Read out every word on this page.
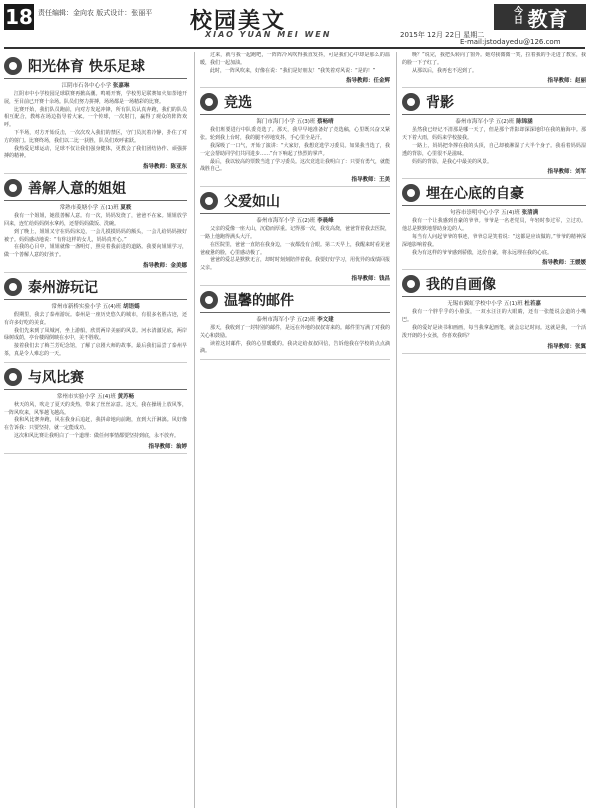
18 责任编辑：金向农 版式设计：张丽平 校园美文
XIAO YUAN MEI WEN	2015年 12月 22日 星期二
今日 教育
E-mail:jstodayedu@126.com
阳光体育 快乐足球
江阴市石各中心小学 张嘉琳

江阴市中小学校园足球联赛再掀高潮。鸣哨开赛，学校男足联赛如火如荼地开展，至目前已开赛十余场。队员们努力拼搏，场场都是一场精彩的比赛。

比赛开始，我们队员跑前，向对方发起冲锋，所有队员认真奔跑，我们的队员相互配合，教练在场边指导着大家。一个传球，一次射门，赢得了观众的阵阵欢呼。

下半场，对方开始反击，一次次攻入我们的禁区，守门员沉着冷静，扑住了对方的射门。比赛终场，我们以二比一获胜，队员们欢呼雀跃。

我热爱足球运动，足球不仅让我们强身健体，更教会了我们团结协作、顽强拼搏的精神。

指导教师：陈亚东
善解人意的姐姐
常熟市菱塘小学 五(1)班 夏筱

我有一个姐姐，她很善解人意。有一次，妈妈发烧了，爸爸不在家。姐姐放学回来，连忙给妈妈倒水拿药，还帮妈妈做饭、洗碗。

到了晚上，姐姐又守在妈妈床边，一会儿摸摸妈妈的额头，一会儿给妈妈掖好被子。妈妈感动地说：“有你这样的女儿，妈妈真开心。”

在我的心目中，姐姐就像一盏明灯，照亮着我前进的道路。我要向姐姐学习，做一个善解人意的好孩子。

指导教师：金美娜
泰州游玩记
常州市新桥实验小学 五(4)班 胡语嫣

假期里，我去了泰州游玩。泰州是一座历史悠久的城市，有很多名胜古迹，还有许多好吃的美食。

我们先来到了凤城河，坐上游船，欣赏两岸美丽的风景。河水清澈见底，两岸绿树成荫，亭台楼阁倒映在水中，美不胜收。

接着我们去了梅兰芳纪念馆，了解了京剧大师的故事。最后我们品尝了泰州早茶，真是令人难忘的一天。

与风比赛
常州市实验小学 五(4)班 黄苏畅

秋天的风，吹走了夏天的炎热，带来了丝丝凉意。这天，我在操场上放风筝，一阵风吹来，风筝越飞越高。

我和风比赛奔跑，风在我身后追赶，我拼命地向前跑，直到大汗淋漓。风好像在告诉我：只要坚持，就一定能成功。

这次和风比赛让我明白了一个道理：做任何事情都要坚持到底，永不放弃。

指导教师：翁婷

过来，就与我一起跑吧，一阵阵冷风吹得我直发抖，可是我们心中却是那么的温暖，我们一起加油。

此时，一阵风吹来，好像在说：“我们是好朋友！”我笑着对风说：“是的！”

指导教师：任金辉
竞选
海门市海门小学 五(3)班 蔡畅晴

我们班要进行中队委竞选了。那天，我早早地准备好了竞选稿，心里既兴奋又紧张。轮到我上台时，我的腿不停地发抖，手心里全是汗。

我深吸了一口气，开始了演讲：“大家好，我想竞选学习委员。如果我当选了，我一定会帮助同学们共同进步……”台下响起了热烈的掌声。

最后，我以较高的票数当选了学习委员。这次竞选让我明白了：只要有勇气，就能战胜自己。

指导教师：王美
父爱如山
泰州市海军小学 五(2)班 李晨峰

父亲的爱像一座大山，沉稳而厚重。记得那一次，我发高烧，爸爸背着我去医院，一路上他跑得满头大汗。

在医院里，爸爸一直陪在我身边，一夜都没有合眼。第二天早上，我醒来时看见爸爸疲惫的脸，心里感动极了。

爸爸的爱总是默默无言，却时时刻刻陪伴着我。我要好好学习，用优异的成绩回报父亲。

指导教师：钱昌
温馨的邮件
泰州市海军小学 五(2)班 李文建

那天，我收到了一封特别的邮件，是远在外地的叔叔寄来的。邮件里写满了对我的关心和鼓励。

读着这封邮件，我的心里暖暖的。我决定给叔叔回信，告诉他我在学校的点点滴滴。

晚？”说完，我把头转向了窗外。她对我微微一笑，拉着我的手走进了教室，我的脸一下子红了。

从那以后，我再也不迟到了。

指导教师：赵丽
背影
泰州市海军小学 五(2)班 陈锦涵

虽然我已经记不清那是哪一天了，但是那个背影却深深地印在我的脑海中。那天下着大雨，妈妈来学校接我。

一路上，妈妈把伞撑在我的头顶，自己却被淋湿了大半个身子。我看着妈妈湿透的背影，心里很不是滋味。

妈妈的背影，是我心中最美的风景。

指导教师：刘军
埋在心底的自豪
句容市崇明中心小学 五(4)班 张清满

我有一个让我感到自豪的爷爷。爷爷是一名老党员，年轻时参过军，立过功。他总是默默地帮助身边的人。

每当有人问起爷爷的事迹，爷爷总是笑着说：“这都是应该做的。”爷爷的精神深深地影响着我。

我为有这样的爷爷感到骄傲，这份自豪，将永远埋在我的心底。

指导教师：王媛媛
我的自画像
无锡市翼虹学校中小学 五(1)班 杜若嘉

我有一个胖乎乎的小脸蛋，一双水汪汪的大眼睛，还有一张能说会道的小嘴巴。

我的爱好是读书和画画，每当我拿起画笔，就会忘记时间。这就是我，一个活泼开朗的小女孩，你喜欢我吗？

指导教师：张翼
